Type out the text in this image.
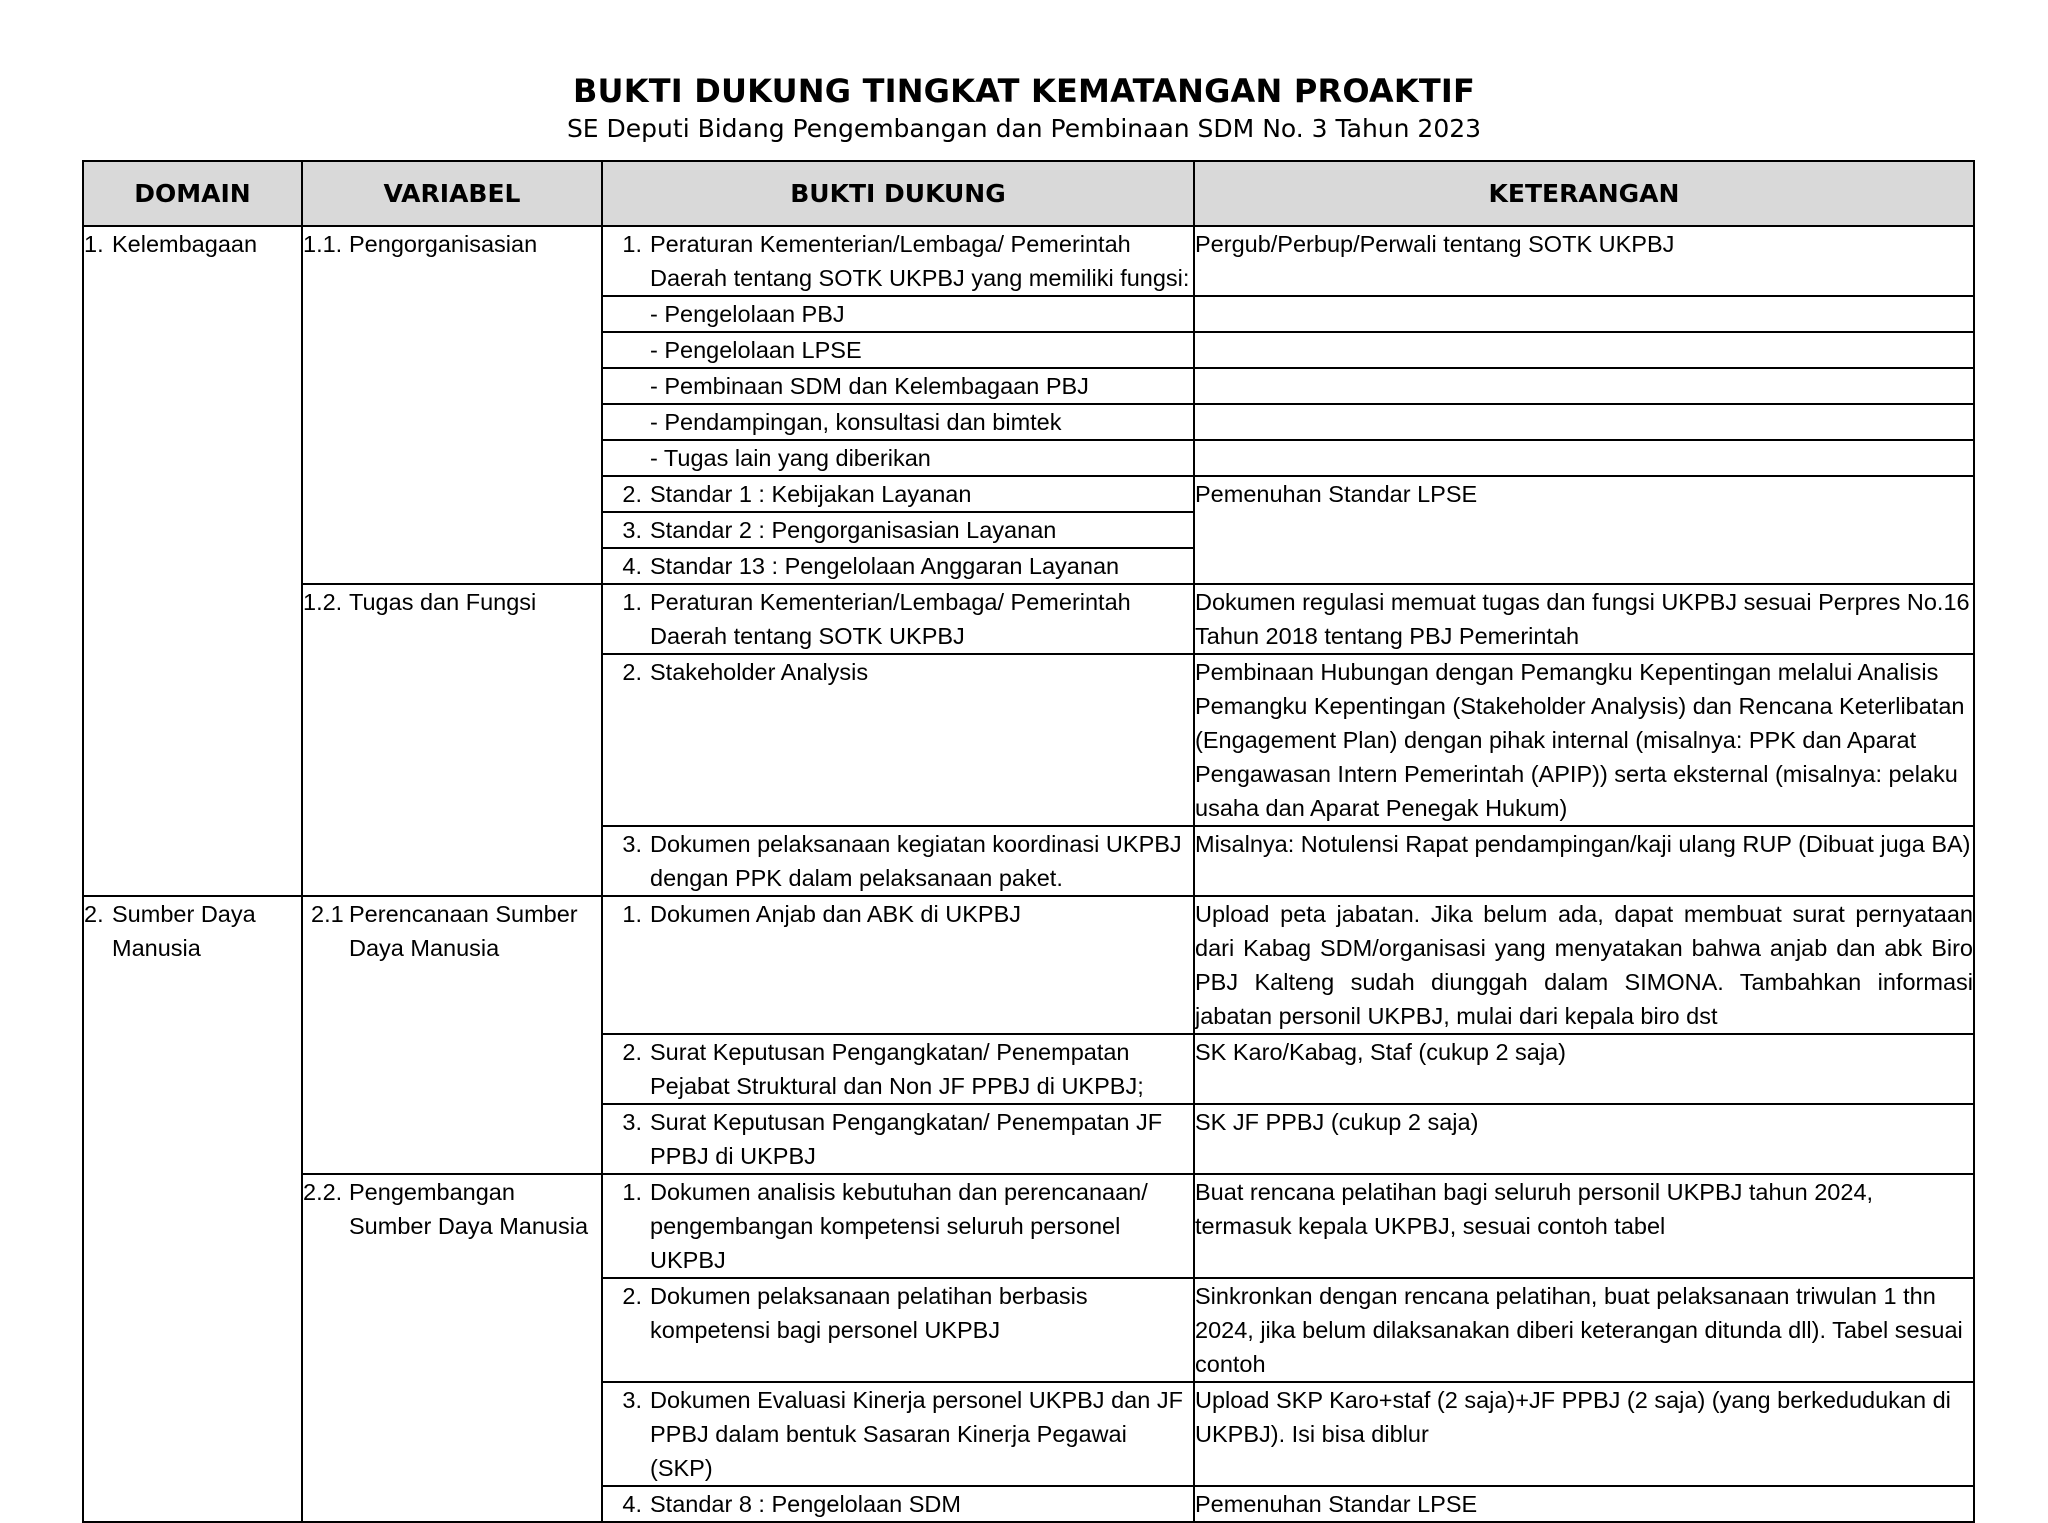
BUKTI DUKUNG TINGKAT KEMATANGAN PROAKTIF
SE Deputi Bidang Pengembangan dan Pembinaan SDM No. 3 Tahun 2023
DOMAIN	VARIABEL	BUKTI DUKUNG	KETERANGAN

1. Kelembagaan	1.1. Pengorganisasian	1. Peraturan Kementerian/Lembaga/ Pemerintah Daerah tentang SOTK UKPBJ yang memiliki fungsi:	Pergub/Perbup/Perwali tentang SOTK UKPBJ

		- Pengelolaan PBJ	

		- Pengelolaan LPSE	

		- Pembinaan SDM dan Kelembagaan PBJ	

		- Pendampingan, konsultasi dan bimtek	

		- Tugas lain yang diberikan	

		2. Standar 1 : Kebijakan Layanan	Pemenuhan Standar LPSE

		3. Standar 2 : Pengorganisasian Layanan	

		4. Standar 13 : Pengelolaan Anggaran Layanan	

	1.2. Tugas dan Fungsi	1. Peraturan Kementerian/Lembaga/ Pemerintah Daerah tentang SOTK UKPBJ	Dokumen regulasi memuat tugas dan fungsi UKPBJ sesuai Perpres No.16 Tahun 2018 tentang PBJ Pemerintah

		2. Stakeholder Analysis	Pembinaan Hubungan dengan Pemangku Kepentingan melalui Analisis Pemangku Kepentingan (Stakeholder Analysis) dan Rencana Keterlibatan (Engagement Plan) dengan pihak internal (misalnya: PPK dan Aparat Pengawasan Intern Pemerintah (APIP)) serta eksternal (misalnya: pelaku usaha dan Aparat Penegak Hukum)

		3. Dokumen pelaksanaan kegiatan koordinasi UKPBJ dengan PPK dalam pelaksanaan paket.	Misalnya: Notulensi Rapat pendampingan/kaji ulang RUP (Dibuat juga BA)

2. Sumber Daya Manusia	2.1 Perencanaan Sumber Daya Manusia	1. Dokumen Anjab dan ABK di UKPBJ	Upload peta jabatan. Jika belum ada, dapat membuat surat pernyataan dari Kabag SDM/organisasi yang menyatakan bahwa anjab dan abk Biro PBJ Kalteng sudah diunggah dalam SIMONA. Tambahkan informasi jabatan personil UKPBJ, mulai dari kepala biro dst

		2. Surat Keputusan Pengangkatan/ Penempatan Pejabat Struktural dan Non JF PPBJ di UKPBJ;	SK Karo/Kabag, Staf (cukup 2 saja)

		3. Surat Keputusan Pengangkatan/ Penempatan JF PPBJ di UKPBJ	SK JF PPBJ (cukup 2 saja)

	2.2. Pengembangan Sumber Daya Manusia	1. Dokumen analisis kebutuhan dan perencanaan/ pengembangan kompetensi seluruh personel UKPBJ	Buat rencana pelatihan bagi seluruh personil UKPBJ tahun 2024, termasuk kepala UKPBJ, sesuai contoh tabel

		2. Dokumen pelaksanaan pelatihan berbasis kompetensi bagi personel UKPBJ	Sinkronkan dengan rencana pelatihan, buat pelaksanaan triwulan 1 thn 2024, jika belum dilaksanakan diberi keterangan ditunda dll). Tabel sesuai contoh

		3. Dokumen Evaluasi Kinerja personel UKPBJ dan JF PPBJ dalam bentuk Sasaran Kinerja Pegawai (SKP)	Upload SKP Karo+staf (2 saja)+JF PPBJ (2 saja) (yang berkedudukan di UKPBJ). Isi bisa diblur

		4. Standar 8 : Pengelolaan SDM	Pemenuhan Standar LPSE
